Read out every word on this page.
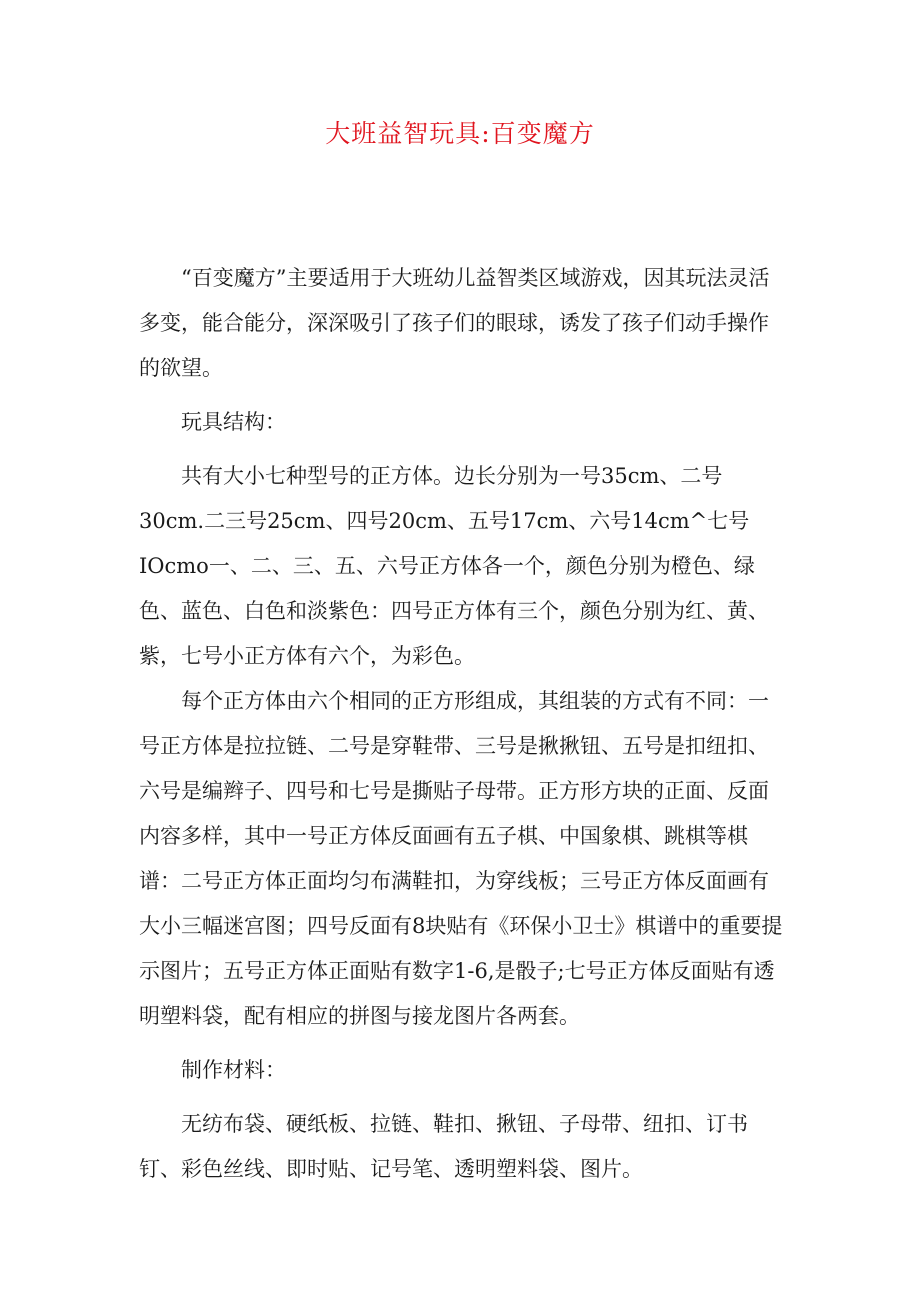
大班益智玩具:百变魔方

“百变魔方”主要适用于大班幼儿益智类区域游戏，因其玩法灵活多变，能合能分，深深吸引了孩子们的眼球，诱发了孩子们动手操作的欲望。

玩具结构：

共有大小七种型号的正方体。边长分别为一号35cm、二号30cm.二三号25cm、四号20cm、五号17cm、六号14cm^七号IOcmo一、二、三、五、六号正方体各一个，颜色分别为橙色、绿色、蓝色、白色和淡紫色：四号正方体有三个，颜色分别为红、黄、紫，七号小正方体有六个，为彩色。

每个正方体由六个相同的正方形组成，其组装的方式有不同：一号正方体是拉拉链、二号是穿鞋带、三号是揪揪钮、五号是扣纽扣、六号是编辫子、四号和七号是撕贴子母带。正方形方块的正面、反面内容多样，其中一号正方体反面画有五子棋、中国象棋、跳棋等棋谱：二号正方体正面均匀布满鞋扣，为穿线板；三号正方体反面画有大小三幅迷宫图；四号反面有8块贴有《环保小卫士》棋谱中的重要提示图片；五号正方体正面贴有数字1-6,是骰子;七号正方体反面贴有透明塑料袋，配有相应的拼图与接龙图片各两套。

制作材料：

无纺布袋、硬纸板、拉链、鞋扣、揪钮、子母带、纽扣、订书钉、彩色丝线、即时贴、记号笔、透明塑料袋、图片。
